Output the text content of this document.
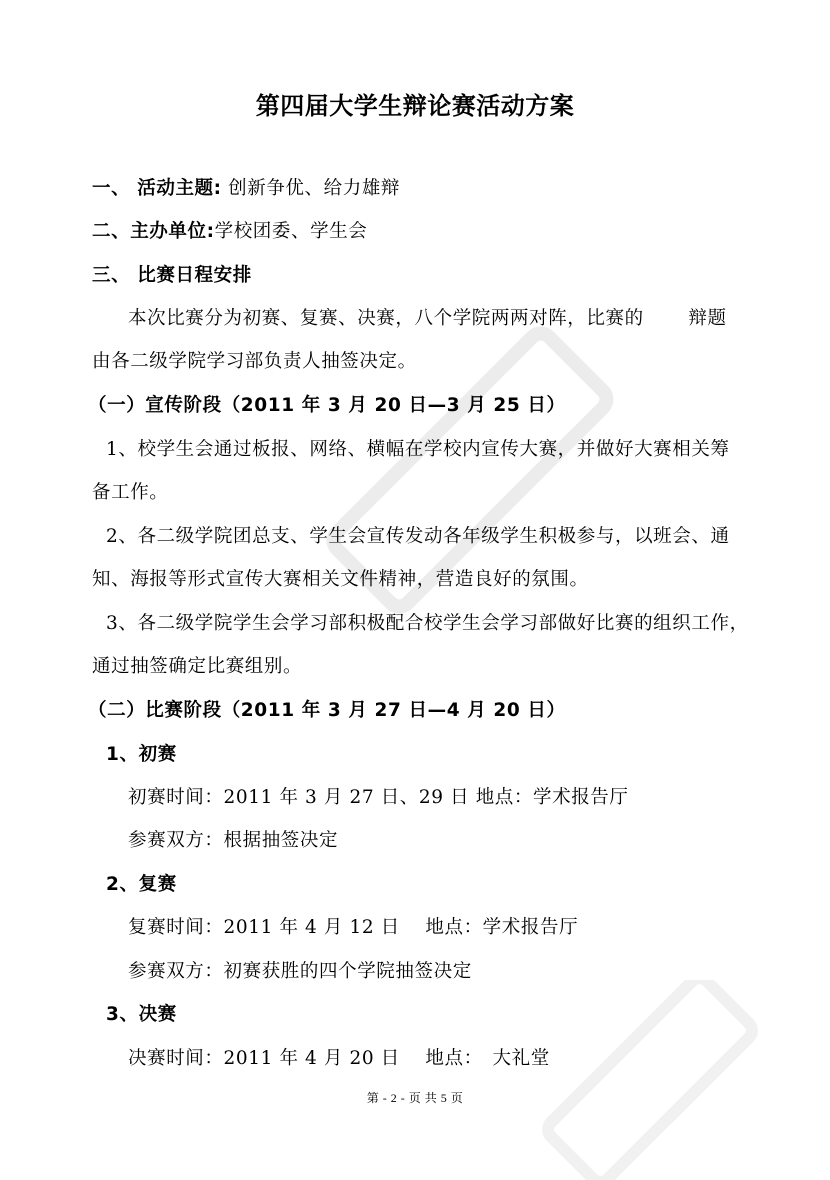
第四届大学生辩论赛活动方案
一、 活动主题: 创新争优、给力雄辩
二、主办单位:学校团委、学生会
三、 比赛日程安排
本次比赛分为初赛、复赛、决赛，八个学院两两对阵，比赛的　　 辩题
由各二级学院学习部负责人抽签决定。
（一）宣传阶段（2011 年 3 月 20 日—3 月 25 日）
1、校学生会通过板报、网络、横幅在学校内宣传大赛，并做好大赛相关筹
备工作。
2、各二级学院团总支、学生会宣传发动各年级学生积极参与，以班会、通
知、海报等形式宣传大赛相关文件精神，营造良好的氛围。
3、各二级学院学生会学习部积极配合校学生会学习部做好比赛的组织工作，
通过抽签确定比赛组别。
（二）比赛阶段（2011 年 3 月 27 日—4 月 20 日）
1、初赛
初赛时间：2011 年 3 月 27 日、29 日 地点：学术报告厅
参赛双方：根据抽签决定
2、复赛
复赛时间：2011 年 4 月 12 日　 地点：学术报告厅
参赛双方：初赛获胜的四个学院抽签决定
3、决赛
决赛时间：2011 年 4 月 20 日　 地点：　大礼堂
第 - 2 - 页 共 5 页
